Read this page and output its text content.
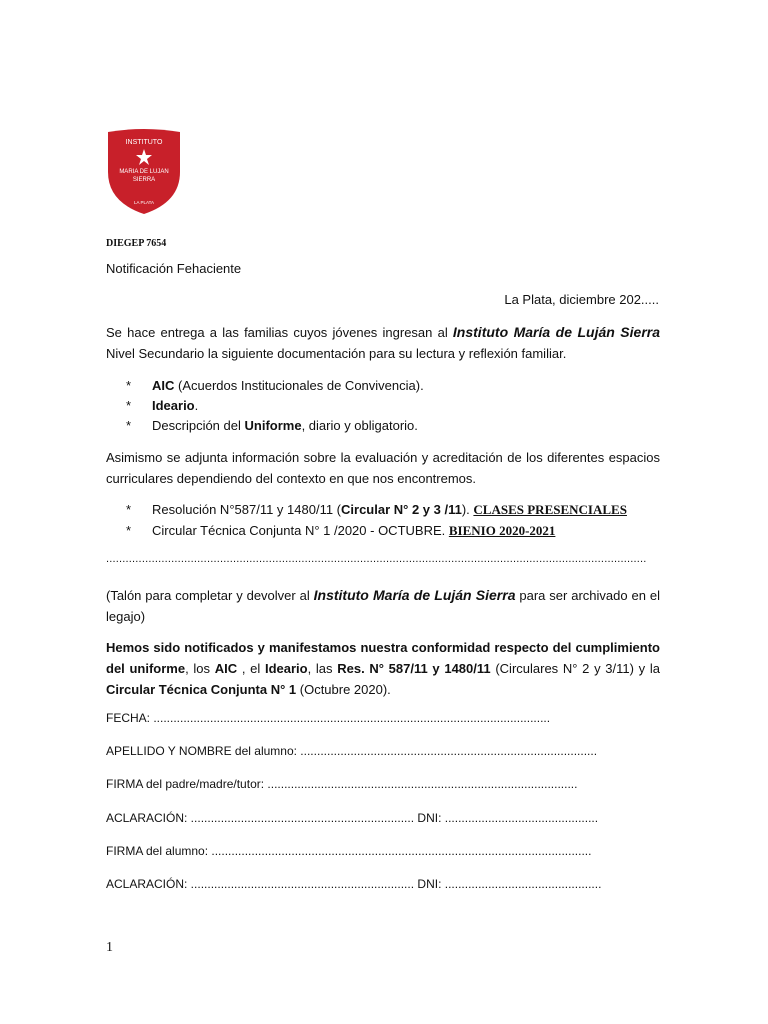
INSTITUTO
MARIA DE LUJAN
SIERRA
LA PLATA
DIEGEP 7654
Notificación Fehaciente
La Plata, diciembre 202.....
Se hace entrega a las familias cuyos jóvenes ingresan al Instituto María de Luján Sierra Nivel Secundario la siguiente documentación para su lectura y reflexión familiar.
*	AIC (Acuerdos Institucionales de Convivencia).
*	Ideario.
*	Descripción del Uniforme, diario y obligatorio.
Asimismo se adjunta información sobre la evaluación y acreditación de los diferentes espacios curriculares dependiendo del contexto en que nos encontremos.
*	Resolución N°587/11 y 1480/11 (Circular N° 2 y 3 /11). CLASES PRESENCIALES
*	Circular Técnica Conjunta N° 1 /2020 - OCTUBRE. BIENIO 2020-2021
......................................................................................................................................................................
(Talón para completar y devolver al Instituto María de Luján Sierra para ser archivado en el legajo)
Hemos sido notificados y manifestamos nuestra conformidad respecto del cumplimiento del uniforme, los AIC , el Ideario, las Res. N° 587/11 y 1480/11 (Circulares N° 2 y 3/11) y la Circular Técnica Conjunta N° 1 (Octubre 2020).
FECHA: .......................................................................................................................
APELLIDO Y NOMBRE del alumno: .........................................................................................
FIRMA del padre/madre/tutor: .............................................................................................
ACLARACIÓN: ................................................................... DNI: ..............................................
FIRMA del alumno: ..................................................................................................................
ACLARACIÓN: ................................................................... DNI: ...............................................
1
